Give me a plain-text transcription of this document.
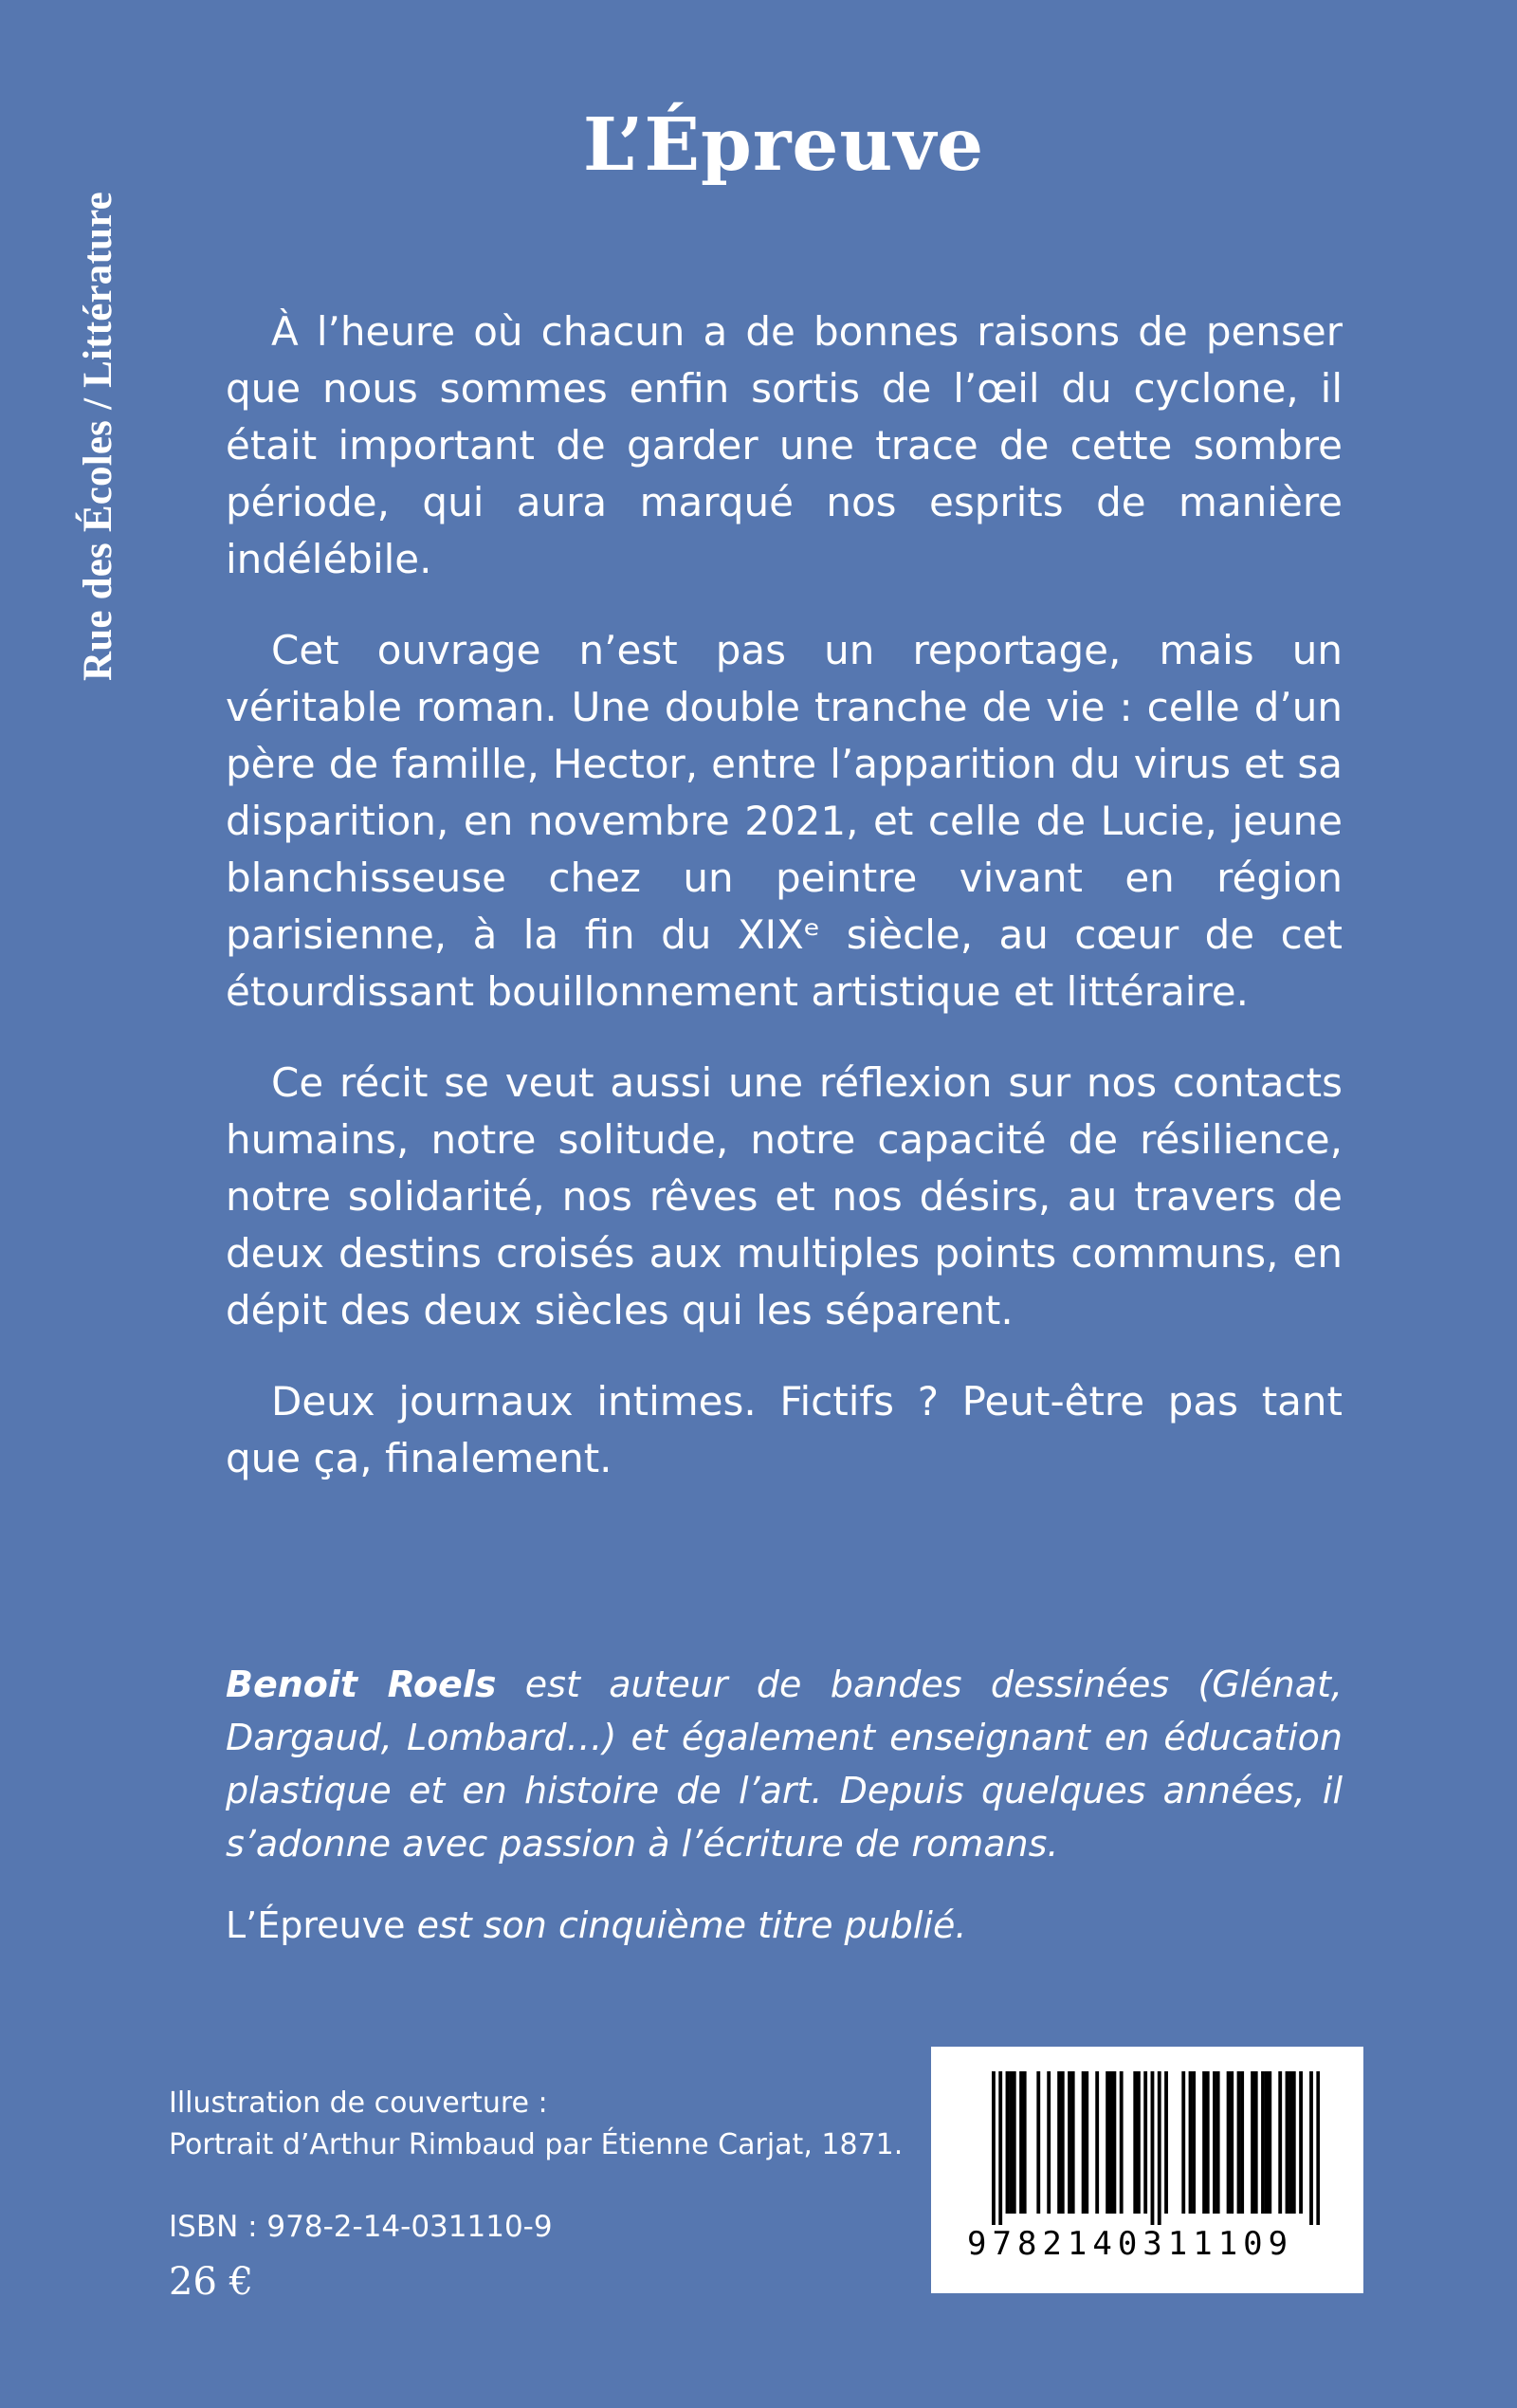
Rue des Écoles / Littérature
L’Épreuve

À l’heure où chacun a de bonnes raisons de penser que nous sommes enfin sortis de l’œil du cyclone, il était important de garder une trace de cette sombre période, qui aura marqué nos esprits de manière indélébile.

Cet ouvrage n’est pas un reportage, mais un véritable roman. Une double tranche de vie : celle d’un père de famille, Hector, entre l’apparition du virus et sa disparition, en novembre 2021, et celle de Lucie, jeune blanchisseuse chez un peintre vivant en région parisienne, à la fin du XIXᵉ siècle, au cœur de cet étourdissant bouillonnement artistique et littéraire.

Ce récit se veut aussi une réflexion sur nos contacts humains, notre solitude, notre capacité de résilience, notre solidarité, nos rêves et nos désirs, au travers de deux destins croisés aux multiples points communs, en dépit des deux siècles qui les séparent.

Deux journaux intimes. Fictifs ? Peut-être pas tant que ça, finalement.

Benoit Roels est auteur de bandes dessinées (Glénat, Dargaud, Lombard…) et également enseignant en éducation plastique et en histoire de l’art. Depuis quelques années, il s’adonne avec passion à l’écriture de romans.

L’Épreuve est son cinquième titre publié.

Illustration de couverture :
Portrait d’Arthur Rimbaud par Étienne Carjat, 1871.
ISBN : 978-2-14-031110-9
26 €
9782140311109
